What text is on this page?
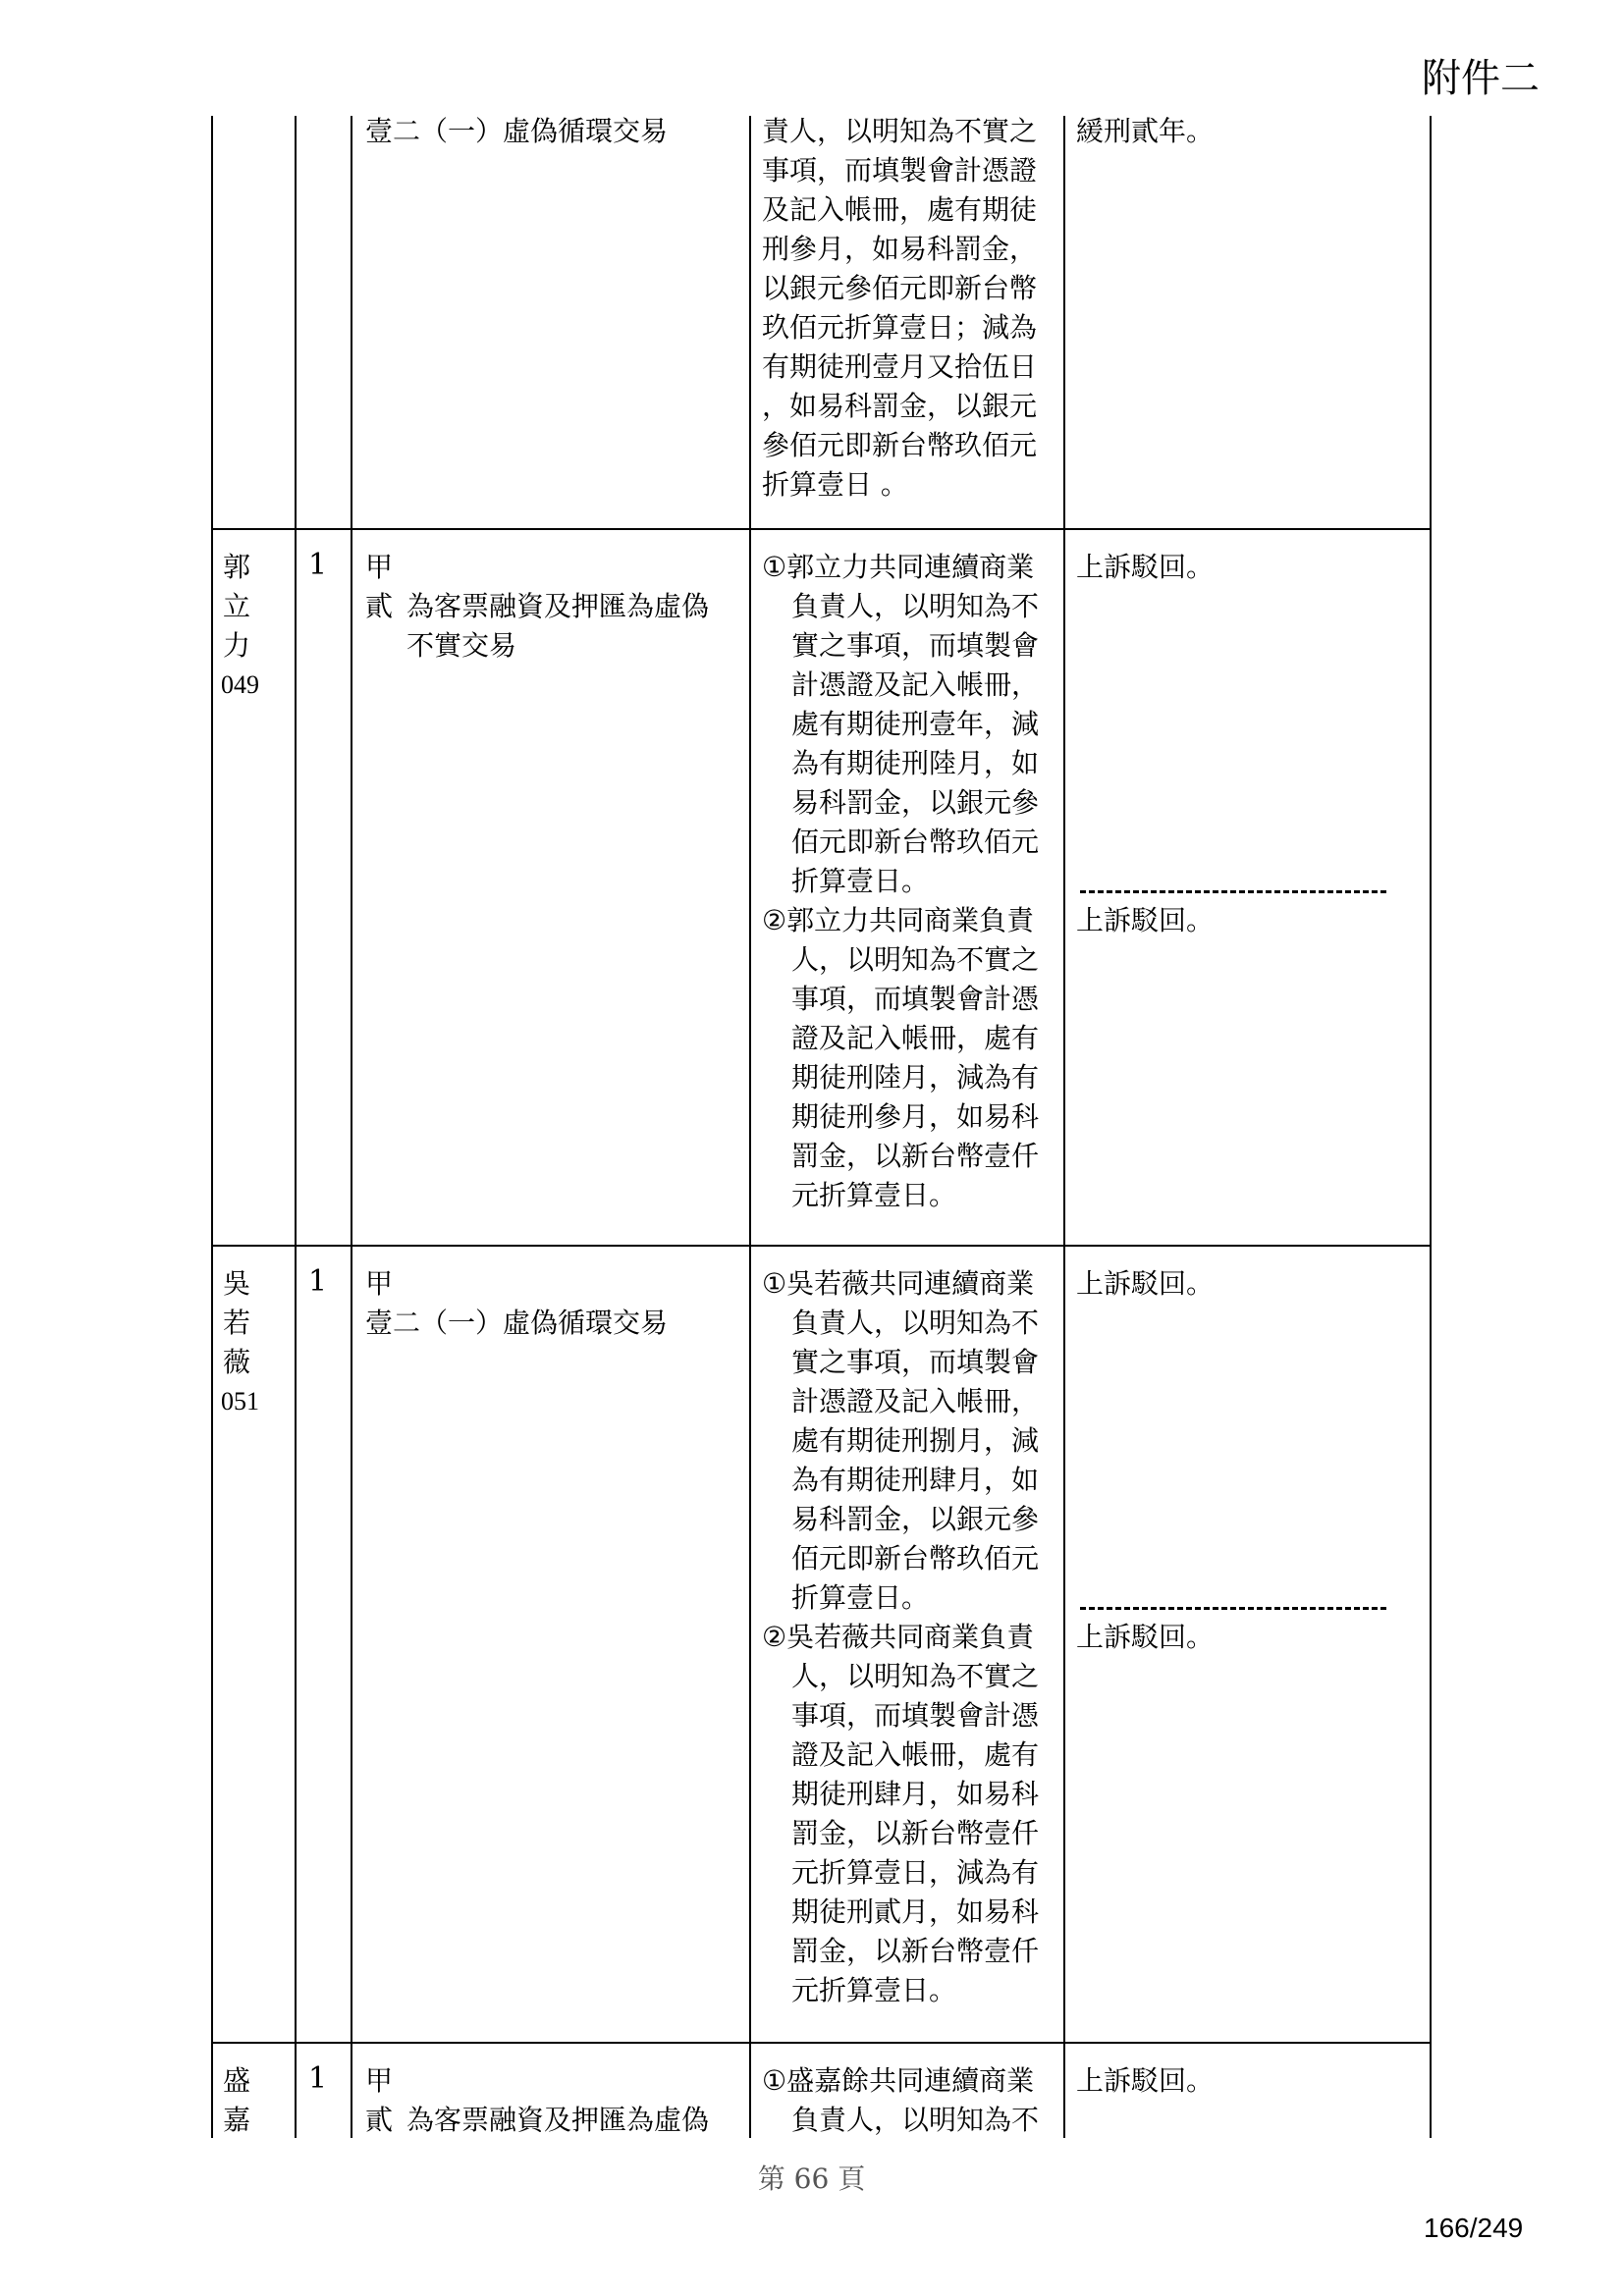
附件二
第 66 頁
166/249
壹二（一）虛偽循環交易	責人，以明知為不實之
事項，而填製會計憑證
及記入帳冊，處有期徒
刑參月，如易科罰金，
以銀元參佰元即新台幣
玖佰元折算壹日；減為
有期徒刑壹月又拾伍日
，如易科罰金，以銀元
參佰元即新台幣玖佰元
折算壹日 。
緩刑貳年。
郭
立
力
049
1 甲
貳 為客票融資及押匯為虛偽
不實交易
①郭立力共同連續商業
負責人，以明知為不
實之事項，而填製會
計憑證及記入帳冊，
處有期徒刑壹年，減
為有期徒刑陸月，如
易科罰金，以銀元參
佰元即新台幣玖佰元
折算壹日。
上訴駁回。
②郭立力共同商業負責
人，以明知為不實之
事項，而填製會計憑
證及記入帳冊，處有
期徒刑陸月，減為有
期徒刑參月，如易科
罰金，以新台幣壹仟
元折算壹日。
上訴駁回。
吳
若
薇
051
1 甲
壹二（一）虛偽循環交易
①吳若薇共同連續商業
負責人，以明知為不
實之事項，而填製會
計憑證及記入帳冊，
處有期徒刑捌月，減
為有期徒刑肆月，如
易科罰金，以銀元參
佰元即新台幣玖佰元
折算壹日。
上訴駁回。
②吳若薇共同商業負責
人，以明知為不實之
事項，而填製會計憑
證及記入帳冊，處有
期徒刑肆月，如易科
罰金，以新台幣壹仟
元折算壹日，減為有
期徒刑貳月，如易科
罰金，以新台幣壹仟
元折算壹日。
上訴駁回。
盛
嘉
1 甲
貳 為客票融資及押匯為虛偽
①盛嘉餘共同連續商業
負責人，以明知為不
上訴駁回。
